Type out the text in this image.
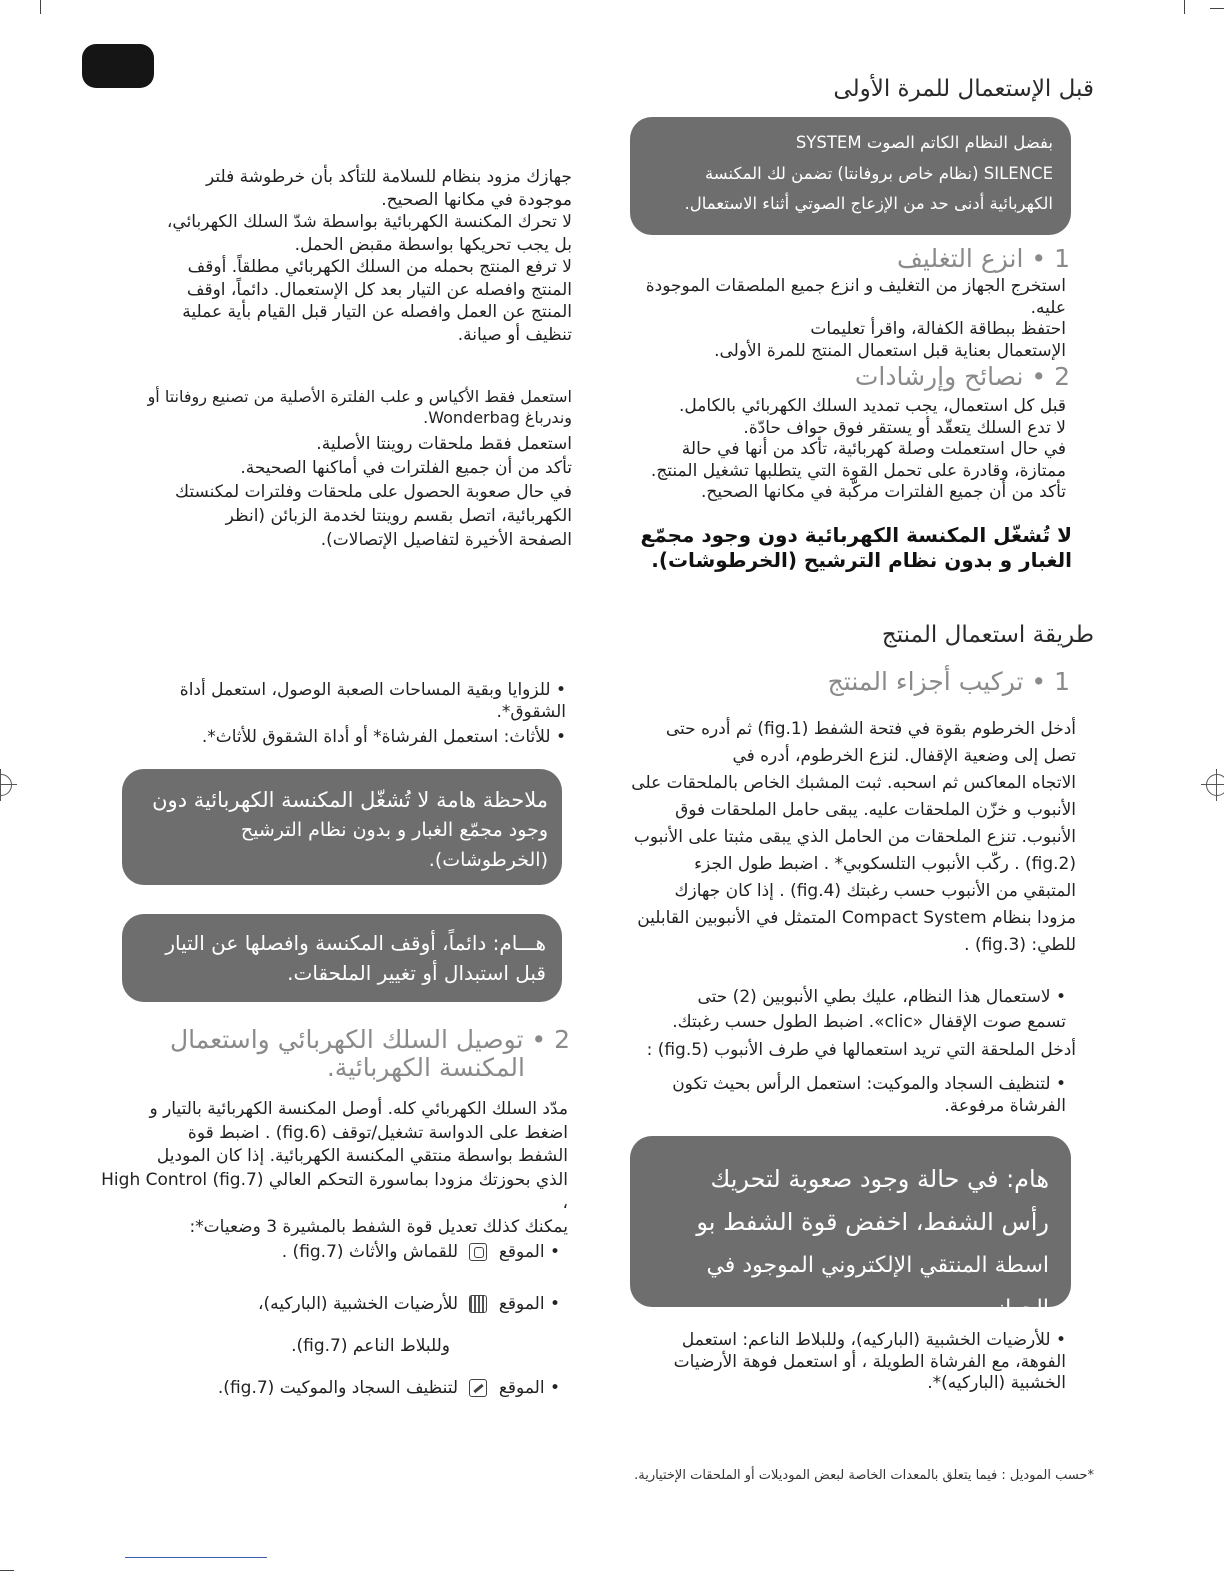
قبل الإستعمال للمرة الأولى
بفضل النظام الكاتم الصوت SYSTEM
SILENCE (نظام خاص بروفانتا) تضمن لك المكنسة
الكهربائية أدنى حد من الإزعاج الصوتي أثناء الاستعمال.
1 • انزع التغليف
استخرج الجهاز من التغليف و انزع جميع الملصقات الموجودة عليه.
احتفظ ببطاقة الكفالة، واقرأ تعليمات
الإستعمال بعناية قبل استعمال المنتج للمرة الأولى.
2 • نصائح وإرشادات
قبل كل استعمال، يجب تمديد السلك الكهربائي بالكامل.
لا تدع السلك يتعقّد أو يستقر فوق حواف حادّة.
في حال استعملت وصلة كهربائية، تأكد من أنها في حالة
ممتازة، وقادرة على تحمل القوة التي يتطلبها تشغيل المنتج.
تأكد من أن جميع الفلترات مركّبة في مكانها الصحيح.
لا تُشغّل المكنسة الكهربائية دون وجود مجمّع
الغبار و بدون نظام الترشيح (الخرطوشات).
طريقة استعمال المنتج
1 • تركيب أجزاء المنتج
أدخل الخرطوم بقوة في فتحة الشفط (fig.1) ثم أدره حتى
تصل إلى وضعية الإقفال. لنزع الخرطوم، أدره في
الاتجاه المعاكس ثم اسحبه. ثبت المشبك الخاص بالملحقات على
الأنبوب و خزّن الملحقات عليه. يبقى حامل الملحقات فوق
الأنبوب. تنزع الملحقات من الحامل الذي يبقى مثبتا على الأنبوب
(fig.2) . ركّب الأنبوب التلسكوبي* . اضبط طول الجزء
المتبقي من الأنبوب حسب رغبتك (fig.4) . إذا كان جهازك
مزودا بنظام Compact System المتمثل في الأنبوبين القابلين
للطي: (fig.3) .
• لاستعمال هذا النظام، عليك بطي الأنبوبين (2) حتى
تسمع صوت الإقفال «clic». اضبط الطول حسب رغبتك.
أدخل الملحقة التي تريد استعمالها في طرف الأنبوب (fig.5) :
• لتنظيف السجاد والموكيت: استعمل الرأس بحيث تكون
الفرشاة مرفوعة.
هام: في حالة وجود صعوبة لتحريك
رأس الشفط، اخفض قوة الشفط بو
اسطة المنتقي الإلكتروني الموجود في الجهاز.
• للأرضيات الخشبية (الباركيه)، وللبلاط الناعم: استعمل
الفوهة، مع الفرشاة الطويلة ، أو استعمل فوهة الأرضيات
الخشبية (الباركيه)*.
جهازك مزود بنظام للسلامة للتأكد بأن خرطوشة فلتر
موجودة في مكانها الصحيح.
لا تحرك المكنسة الكهربائية بواسطة شدّ السلك الكهربائي،
بل يجب تحريكها بواسطة مقبض الحمل.
لا ترفع المنتج بحمله من السلك الكهربائي مطلقاً. أوقف
المنتج وافصله عن التيار بعد كل الإستعمال. دائماً، اوقف
المنتج عن العمل وافصله عن التيار قبل القيام بأية عملية
تنظيف أو صيانة.
استعمل فقط الأكياس و علب الفلترة الأصلية من تصنيع روفانتا أو
وندرباغ Wonderbag.
استعمل فقط ملحقات روينتا الأصلية.
تأكد من أن جميع الفلترات في أماكنها الصحيحة.
في حال صعوبة الحصول على ملحقات وفلترات لمكنستك
الكهربائية، اتصل بقسم روينتا لخدمة الزبائن (انظر
الصفحة الأخيرة لتفاصيل الإتصالات).
• للزوايا وبقية المساحات الصعبة الوصول، استعمل أداة
الشقوق*.
• للأثاث: استعمل الفرشاة* أو أداة الشقوق للأثاث*.
ملاحظة هامة لا تُشغّل المكنسة الكهربائية دون
وجود مجمّع الغبار و بدون نظام الترشيح
(الخرطوشات).
هـــام: دائماً، أوقف المكنسة وافصلها عن التيار
قبل استبدال أو تغيير الملحقات.
2 • توصيل السلك الكهربائي واستعمال
المكنسة الكهربائية.
مدّد السلك الكهربائي كله. أوصل المكنسة الكهربائية بالتيار و
اضغط على الدواسة تشغيل/توقف (fig.6) . اضبط قوة
الشفط بواسطة منتقي المكنسة الكهربائية. إذا كان الموديل
الذي بحوزتك مزودا بماسورة التحكم العالي High Control (fig.7) ،
يمكنك كذلك تعديل قوة الشفط بالمشيرة 3 وضعيات*:
• الموقع  للقماش والأثاث (fig.7) .
• الموقع  للأرضيات الخشبية (الباركيه)،
وللبلاط الناعم (fig.7).
• الموقع  لتنظيف السجاد والموكيت (fig.7).
*حسب الموديل : فيما يتعلق بالمعدات الخاصة لبعض الموديلات أو الملحقات الإختيارية.
